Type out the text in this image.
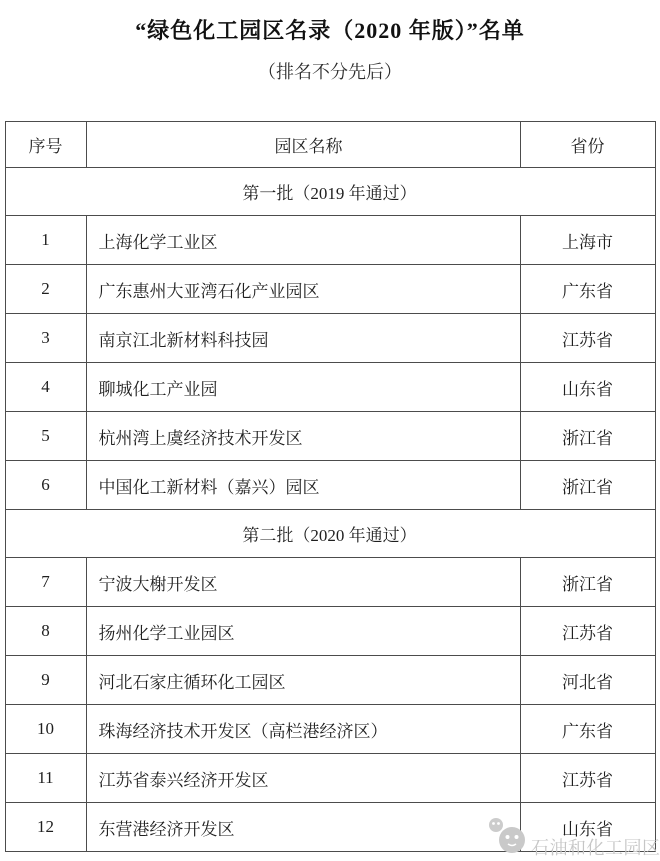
“绿色化工园区名录（2020 年版）”名单
（排名不分先后）
序号	园区名称	省份
第一批（2019 年通过）		
1	上海化学工业区	上海市
2	广东惠州大亚湾石化产业园区	广东省
3	南京江北新材料科技园	江苏省
4	聊城化工产业园	山东省
5	杭州湾上虞经济技术开发区	浙江省
6	中国化工新材料（嘉兴）园区	浙江省
第二批（2020 年通过）		
7	宁波大榭开发区	浙江省
8	扬州化学工业园区	江苏省
9	河北石家庄循环化工园区	河北省
10	珠海经济技术开发区（高栏港经济区）	广东省
11	江苏省泰兴经济开发区	江苏省
12	东营港经济开发区	山东省
石油和化工园区
